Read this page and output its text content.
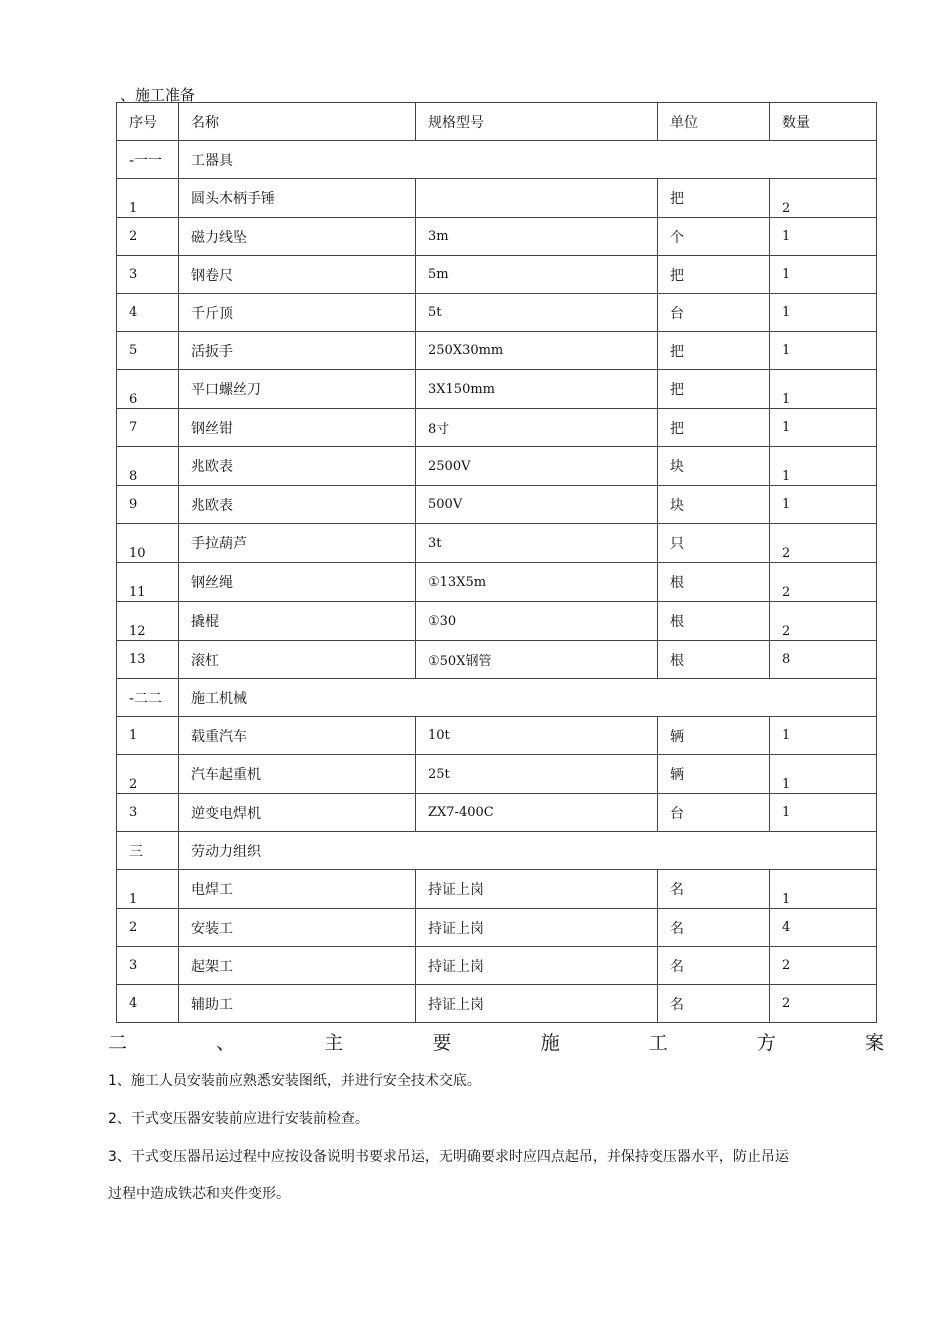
、施工准备
序号	名称	规格型号	单位	数量
-一一	工器具			
1	圆头木柄手锤		把	2
2	磁力线坠	3m	个	1
3	钢卷尺	5m	把	1
4	千斤顶	5t	台	1
5	活扳手	250X30mm	把	1
6	平口螺丝刀	3X150mm	把	1
7	钢丝钳	8寸	把	1
8	兆欧表	2500V	块	1
9	兆欧表	500V	块	1
10	手拉葫芦	3t	只	2
11	钢丝绳	①13X5m	根	2
12	撬棍	①30	根	2
13	滚杠	①50X钢管	根	8
-二二	施工机械			
1	载重汽车	10t	辆	1
2	汽车起重机	25t	辆	1
3	逆变电焊机	ZX7-400C	台	1
三	劳动力组织			
1	电焊工	持证上岗	名	1
2	安装工	持证上岗	名	4
3	起架工	持证上岗	名	2
4	辅助工	持证上岗	名	2
二	、	主	要	施	工	方	案
1、施工人员安装前应熟悉安装图纸，并进行安全技术交底。
2、干式变压器安装前应进行安装前检查。
3、干式变压器吊运过程中应按设备说明书要求吊运，无明确要求时应四点起吊，并保持变压器水平，防止吊运
过程中造成铁芯和夹件变形。
